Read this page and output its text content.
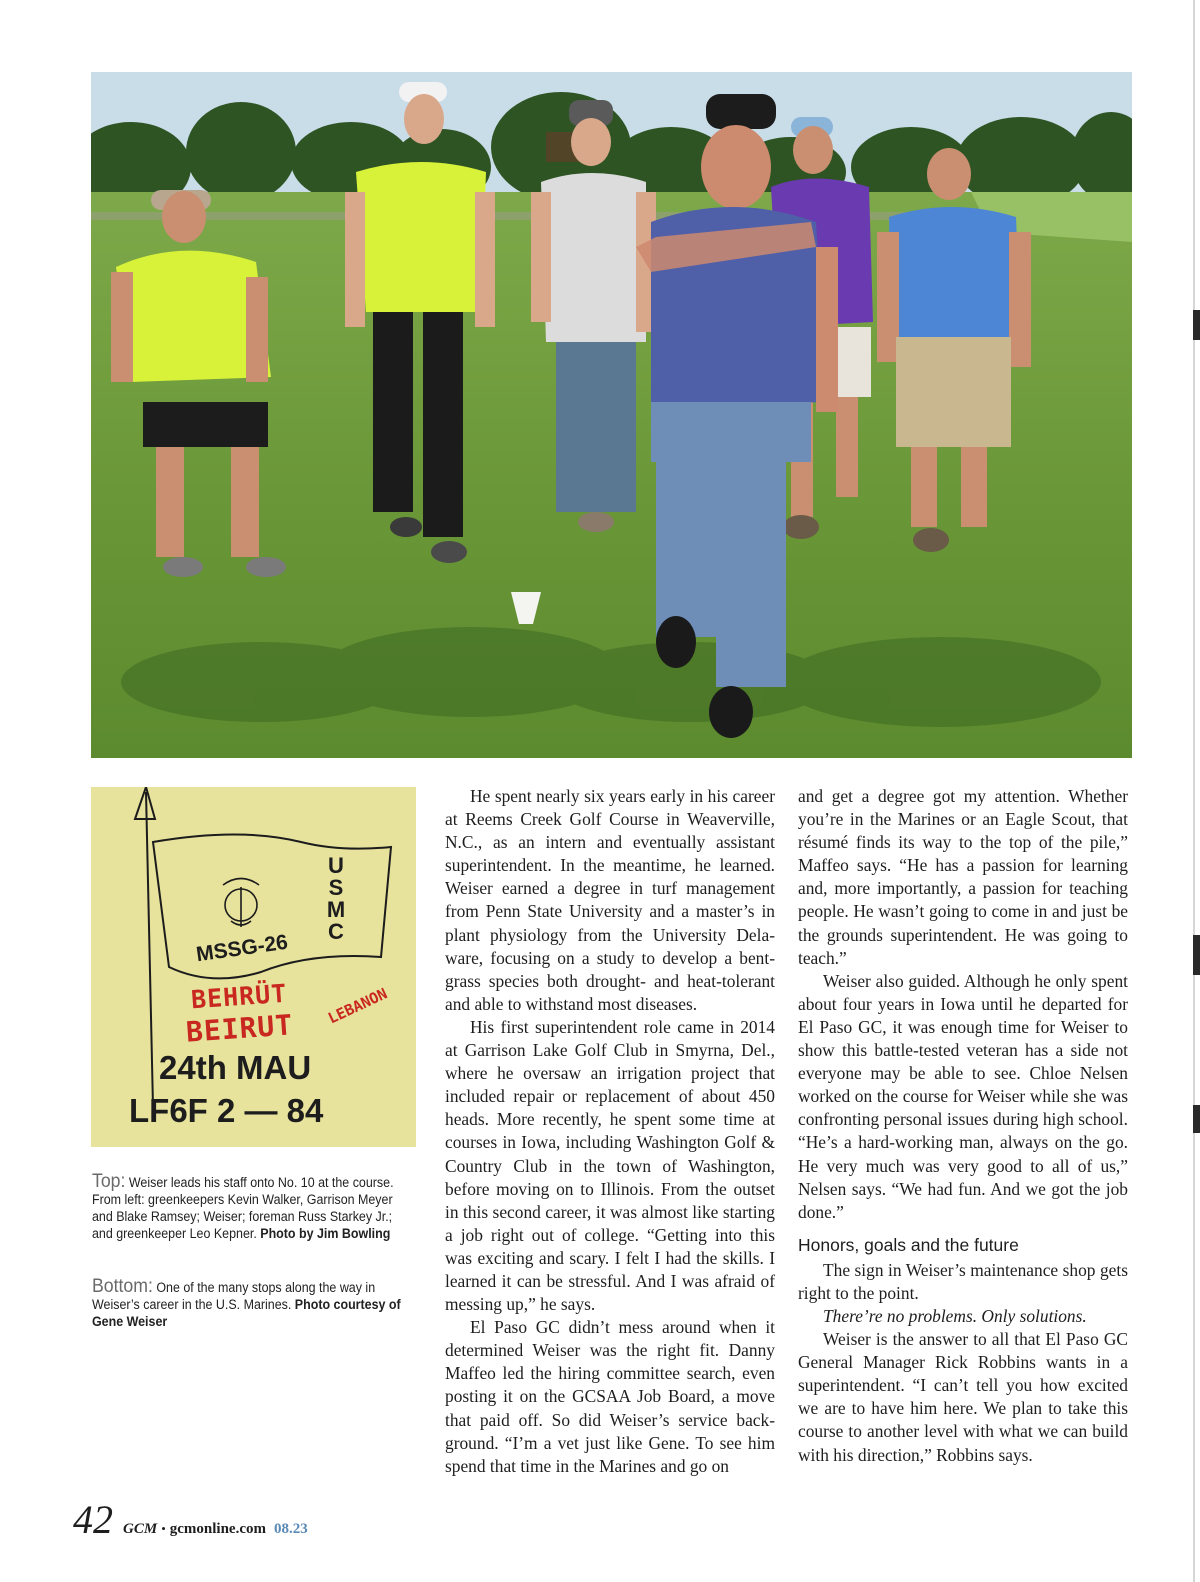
USMC
MSSG-26
BEHRÜT
BEIRUT
LEBANON
24th MAU
LF6F 2 — 84
Top: Weiser leads his staff onto No. 10 at the course. From left: greenkeepers Kevin Walker, Garrison Meyer and Blake Ramsey; Weiser; foreman Russ Starkey Jr.; and greenkeeper Leo Kepner. Photo by Jim Bowling
Bottom: One of the many stops along the way in Weiser’s career in the U.S. Marines. Photo courtesy of Gene Weiser

He spent nearly six years early in his career at Reems Creek Golf Course in Weaverville, N.C., as an intern and eventually assistant superintendent. In the meantime, he learned. Weiser earned a degree in turf management from Penn State University and a master’s in plant physiology from the University Delaware, focusing on a study to develop a bentgrass species both drought- and heat-tolerant and able to withstand most diseases.

His first superintendent role came in 2014 at Garrison Lake Golf Club in Smyrna, Del., where he oversaw an irrigation project that included repair or replacement of about 450 heads. More recently, he spent some time at courses in Iowa, including Washington Golf & Country Club in the town of Washington, before moving on to Illinois. From the outset in this second career, it was almost like starting a job right out of college. “Getting into this was exciting and scary. I felt I had the skills. I learned it can be stressful. And I was afraid of messing up,” he says.

El Paso GC didn’t mess around when it determined Weiser was the right fit. Danny Maffeo led the hiring committee search, even posting it on the GCSAA Job Board, a move that paid off. So did Weiser’s service background. “I’m a vet just like Gene. To see him spend that time in the Marines and go on

and get a degree got my attention. Whether you’re in the Marines or an Eagle Scout, that résumé finds its way to the top of the pile,” Maffeo says. “He has a passion for learning and, more importantly, a passion for teaching people. He wasn’t going to come in and just be the grounds superintendent. He was going to teach.”

Weiser also guided. Although he only spent about four years in Iowa until he departed for El Paso GC, it was enough time for Weiser to show this battle-tested veteran has a side not everyone may be able to see. Chloe Nelsen worked on the course for Weiser while she was confronting personal issues during high school. “He’s a hard-working man, always on the go. He very much was very good to all of us,” Nelsen says. “We had fun. And we got the job done.”

Honors, goals and the future

The sign in Weiser’s maintenance shop gets right to the point.

There’re no problems. Only solutions.

Weiser is the answer to all that El Paso GC General Manager Rick Robbins wants in a superintendent. “I can’t tell you how excited we are to have him here. We plan to take this course to another level with what we can build with his direction,” Robbins says.

42 GCM • gcmonline.com 08.23
